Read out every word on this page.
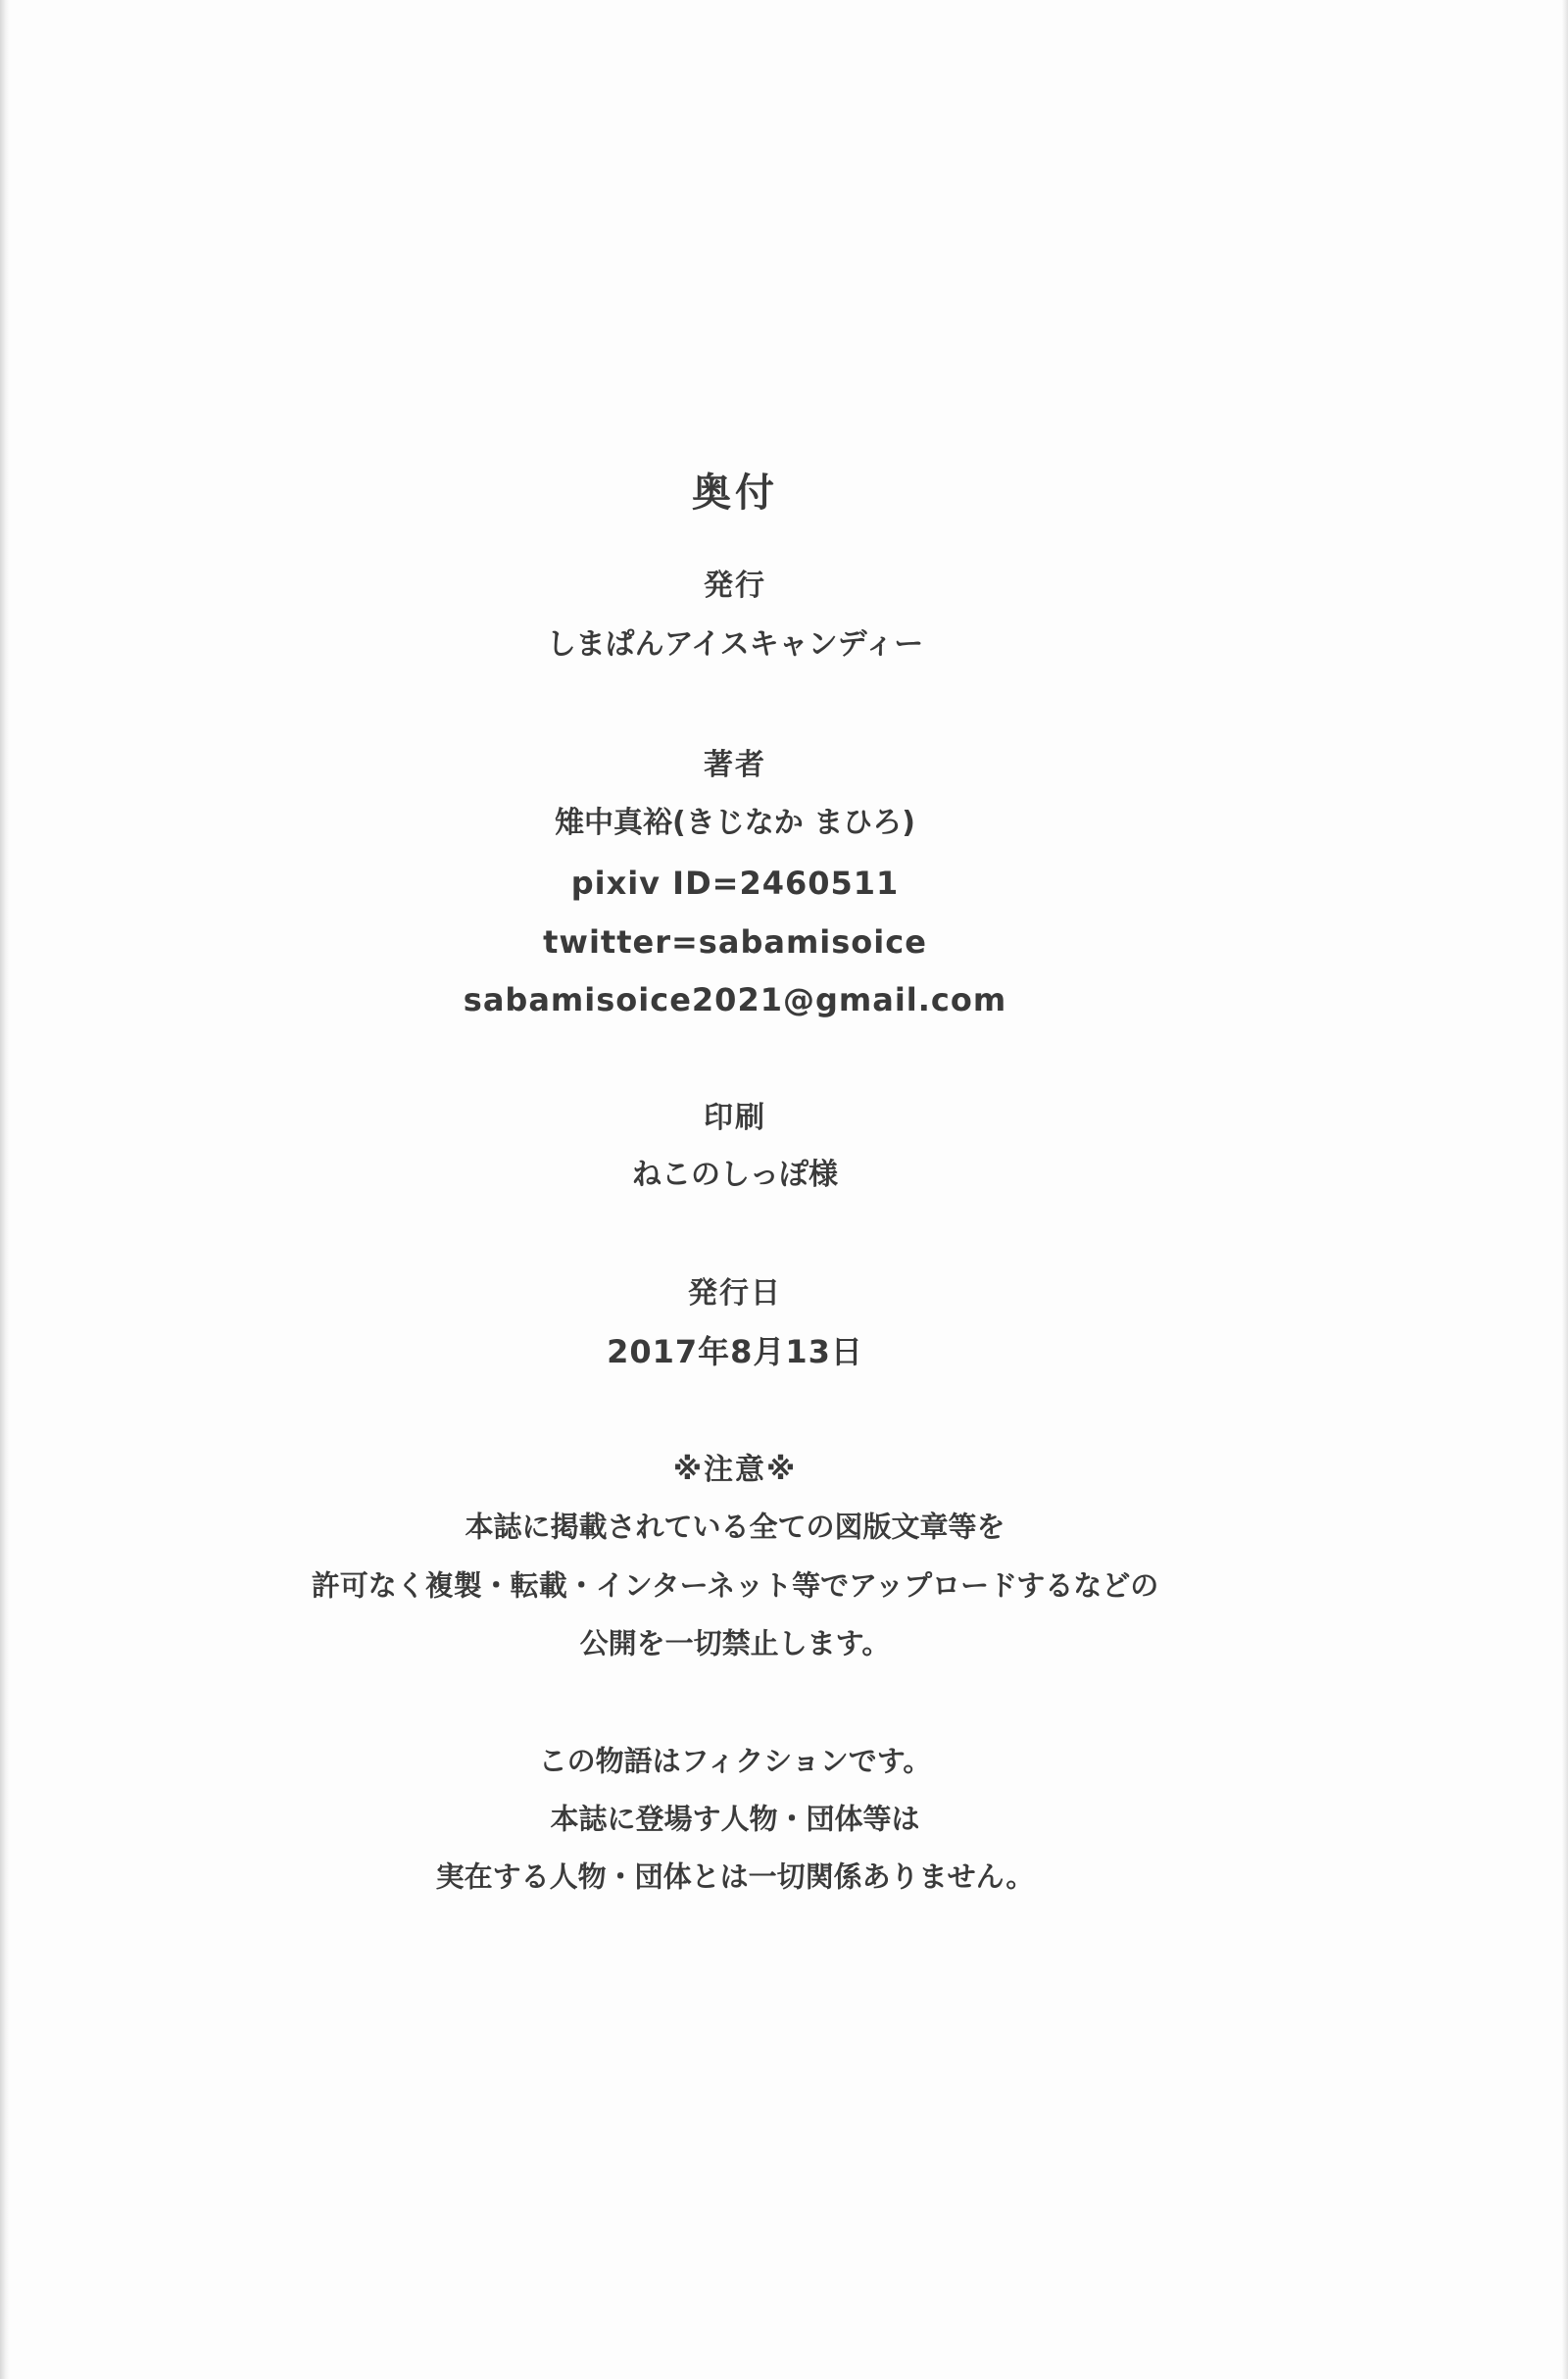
奥付
発行
しまぱんアイスキャンディー
著者
雉中真裕(きじなか まひろ)
pixiv ID=2460511
twitter=sabamisoice
sabamisoice2021@gmail.com
印刷
ねこのしっぽ様
発行日
2017年8月13日
※注意※
本誌に掲載されている全ての図版文章等を
許可なく複製・転載・インターネット等でアップロードするなどの
公開を一切禁止します。
この物語はフィクションです。
本誌に登場す人物・団体等は
実在する人物・団体とは一切関係ありません。
